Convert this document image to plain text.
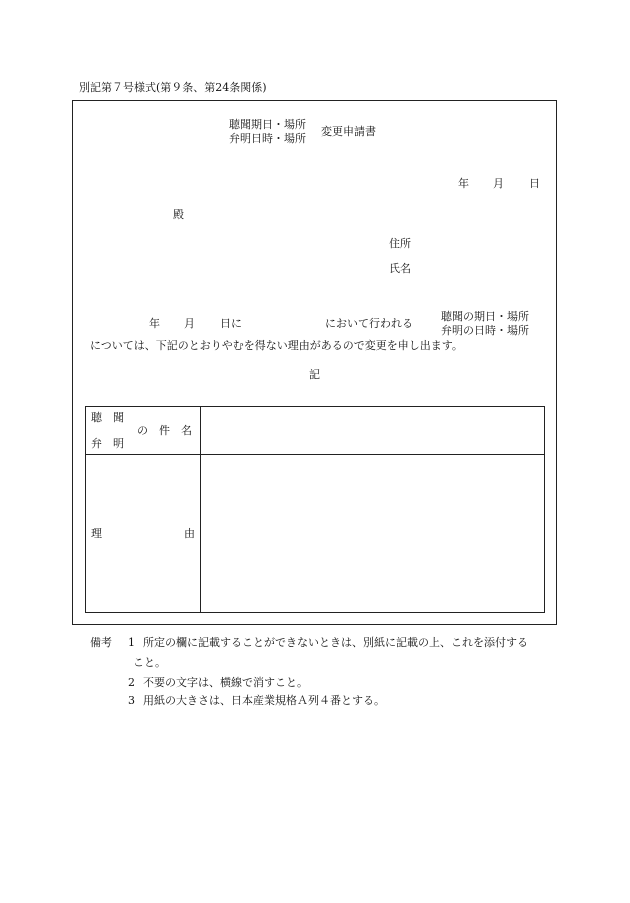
別記第７号様式(第９条、第24条関係)
聴聞期日・場所
弁明日時・場所
変更申請書
年 月 日
殿
住所
氏名
年 月 日に	において行われる
聴聞の期日・場所
弁明の日時・場所
については、下記のとおりやむを得ない理由があるので変更を申し出ます。
記
聴　聞
の　件　名
弁　明
理	由
備考 1 所定の欄に記載することができないときは、別紙に記載の上、これを添付する
こと。
2 不要の文字は、横線で消すこと。
3 用紙の大きさは、日本産業規格Ａ列４番とする。
